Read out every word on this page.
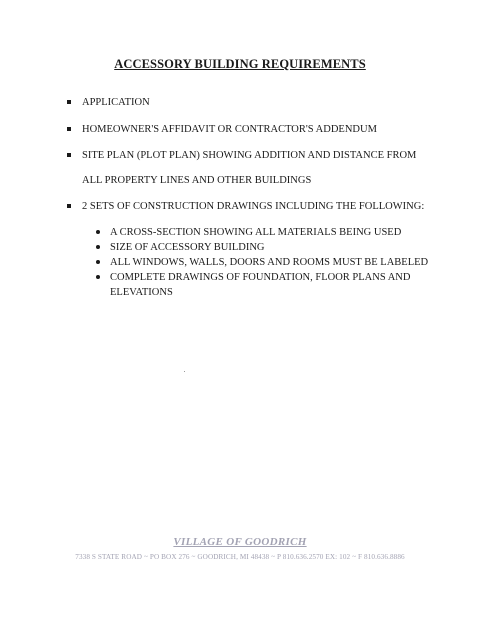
ACCESSORY BUILDING REQUIREMENTS
APPLICATION
HOMEOWNER'S AFFIDAVIT OR CONTRACTOR'S ADDENDUM
SITE PLAN (PLOT PLAN) SHOWING ADDITION AND DISTANCE FROM
ALL PROPERTY LINES AND OTHER BUILDINGS
2 SETS OF CONSTRUCTION DRAWINGS INCLUDING THE FOLLOWING:
A CROSS-SECTION SHOWING ALL MATERIALS BEING USED
SIZE OF ACCESSORY BUILDING
ALL WINDOWS, WALLS, DOORS AND ROOMS MUST BE LABELED
COMPLETE DRAWINGS OF FOUNDATION, FLOOR PLANS AND
ELEVATIONS
VILLAGE OF GOODRICH
7338 S STATE ROAD ~ PO BOX 276 ~ GOODRICH, MI 48438 ~ P 810.636.2570 EX: 102 ~ F 810.636.8886
